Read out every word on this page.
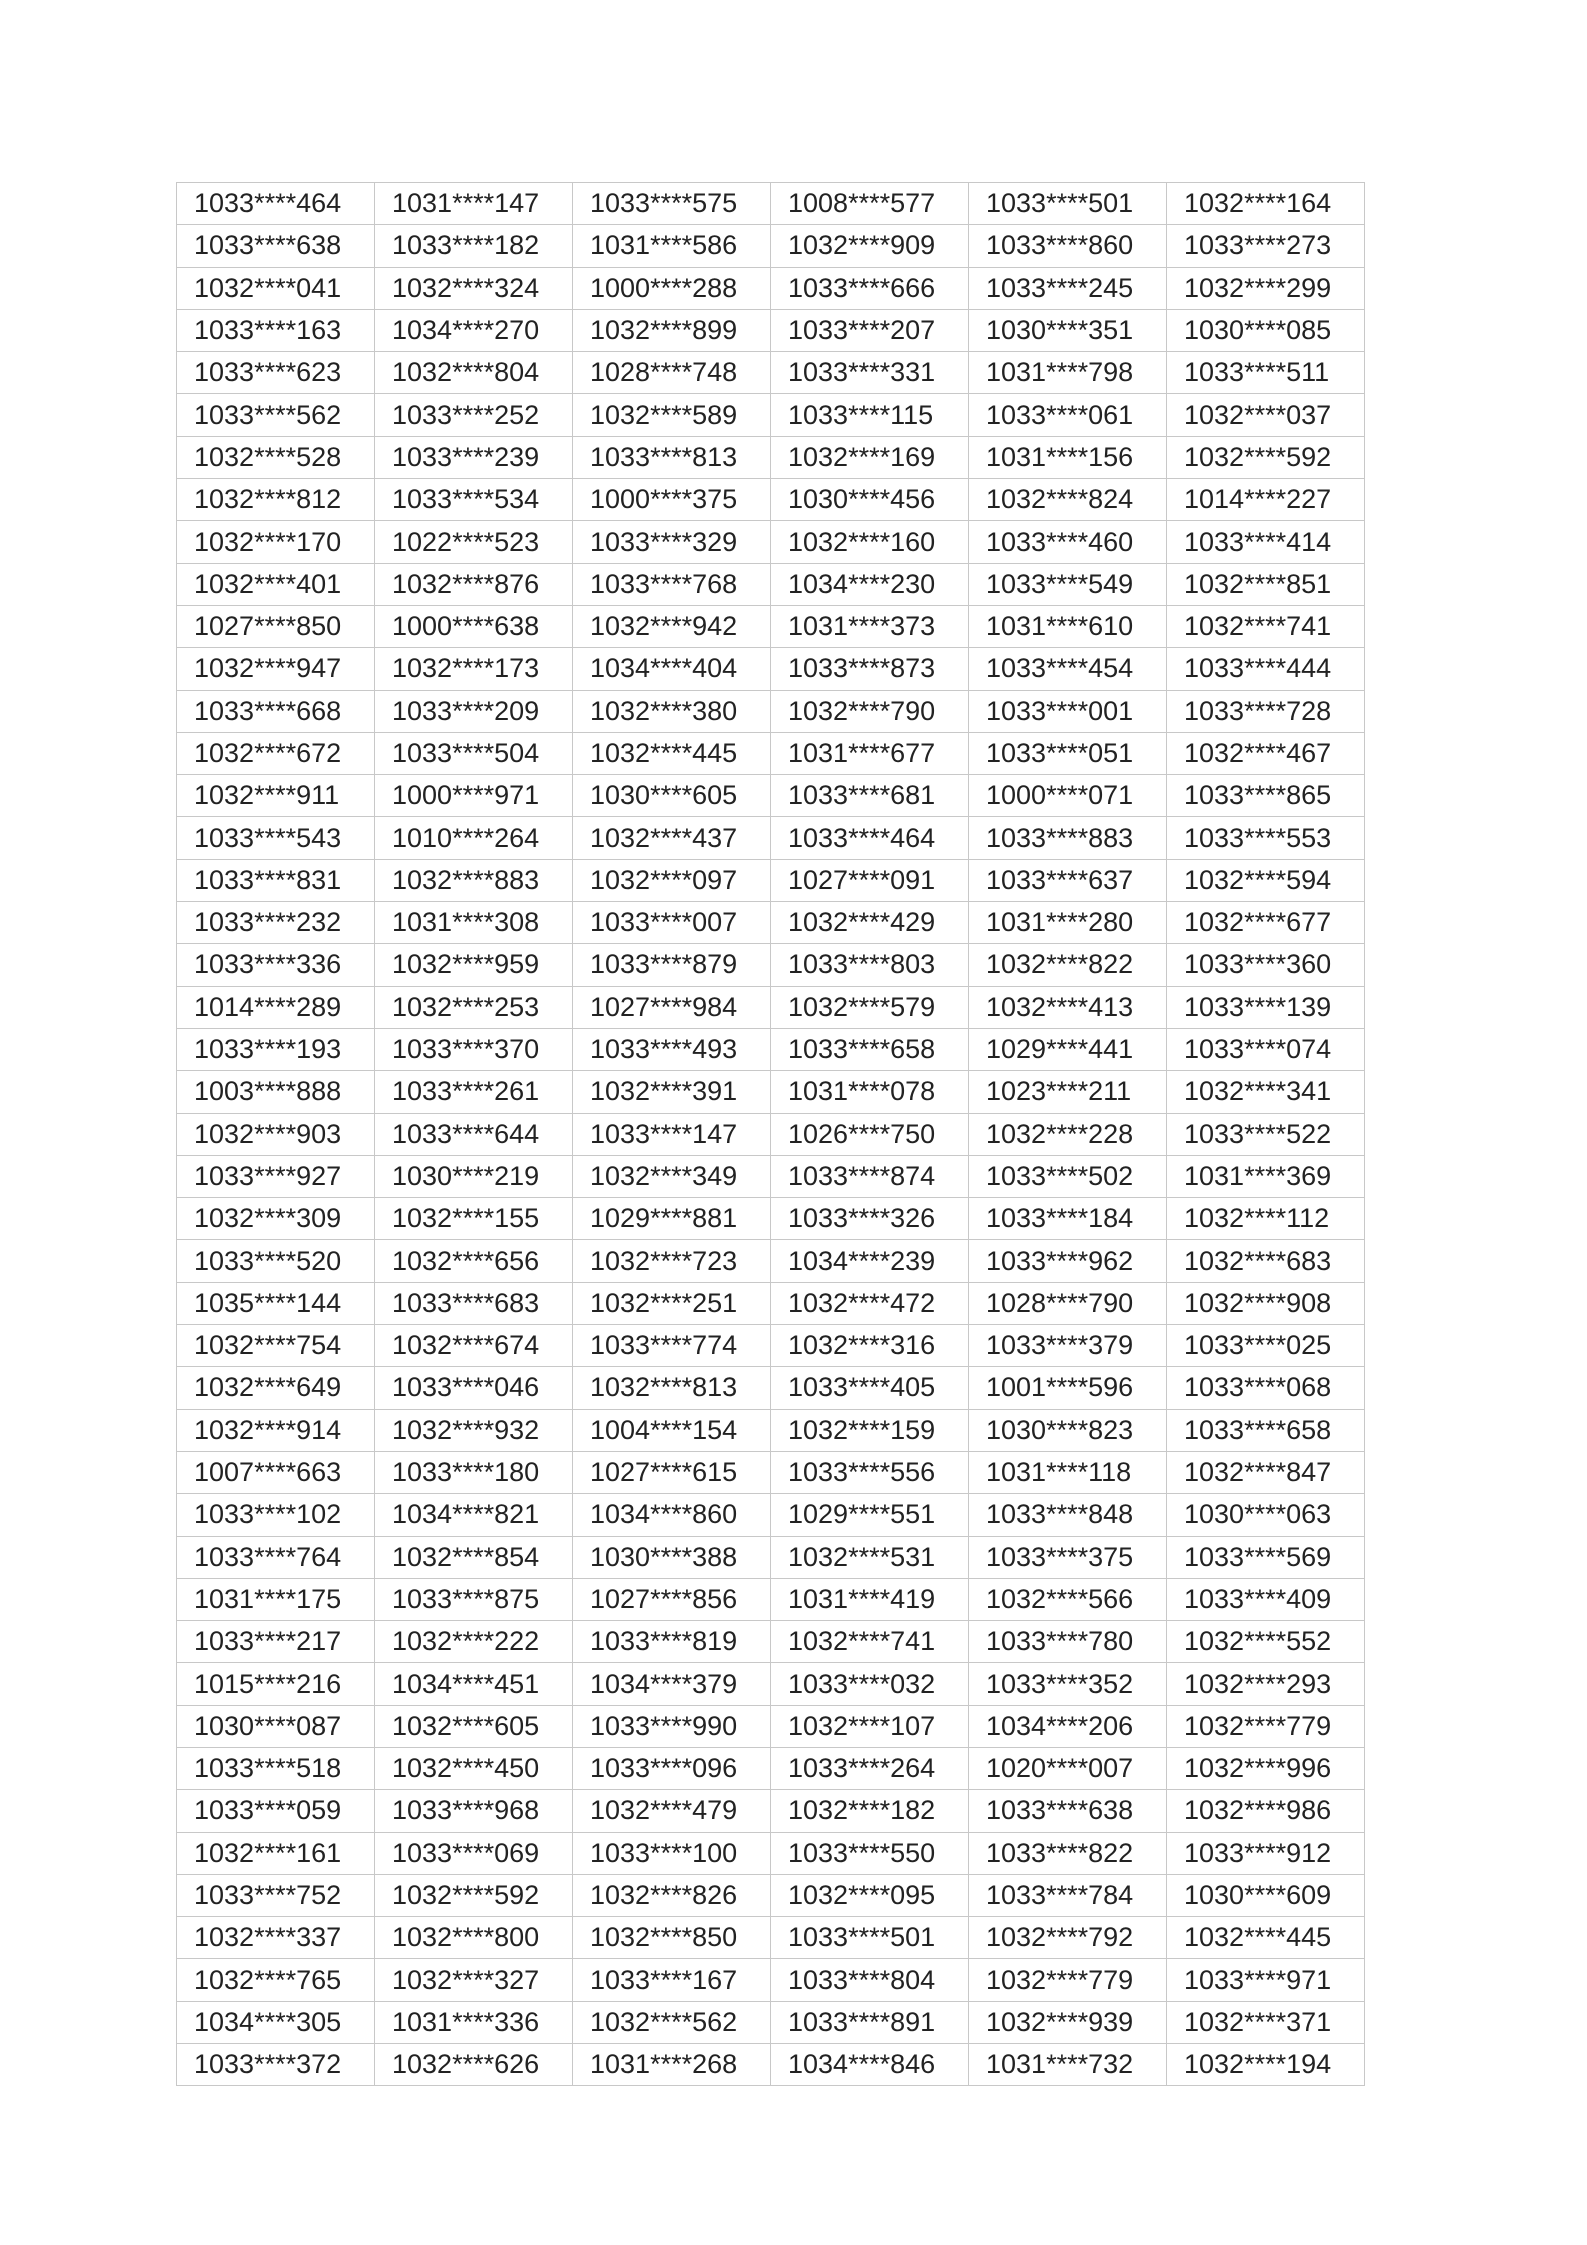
1033****464	1031****147	1033****575	1008****577	1033****501	1032****164
1033****638	1033****182	1031****586	1032****909	1033****860	1033****273
1032****041	1032****324	1000****288	1033****666	1033****245	1032****299
1033****163	1034****270	1032****899	1033****207	1030****351	1030****085
1033****623	1032****804	1028****748	1033****331	1031****798	1033****511
1033****562	1033****252	1032****589	1033****115	1033****061	1032****037
1032****528	1033****239	1033****813	1032****169	1031****156	1032****592
1032****812	1033****534	1000****375	1030****456	1032****824	1014****227
1032****170	1022****523	1033****329	1032****160	1033****460	1033****414
1032****401	1032****876	1033****768	1034****230	1033****549	1032****851
1027****850	1000****638	1032****942	1031****373	1031****610	1032****741
1032****947	1032****173	1034****404	1033****873	1033****454	1033****444
1033****668	1033****209	1032****380	1032****790	1033****001	1033****728
1032****672	1033****504	1032****445	1031****677	1033****051	1032****467
1032****911	1000****971	1030****605	1033****681	1000****071	1033****865
1033****543	1010****264	1032****437	1033****464	1033****883	1033****553
1033****831	1032****883	1032****097	1027****091	1033****637	1032****594
1033****232	1031****308	1033****007	1032****429	1031****280	1032****677
1033****336	1032****959	1033****879	1033****803	1032****822	1033****360
1014****289	1032****253	1027****984	1032****579	1032****413	1033****139
1033****193	1033****370	1033****493	1033****658	1029****441	1033****074
1003****888	1033****261	1032****391	1031****078	1023****211	1032****341
1032****903	1033****644	1033****147	1026****750	1032****228	1033****522
1033****927	1030****219	1032****349	1033****874	1033****502	1031****369
1032****309	1032****155	1029****881	1033****326	1033****184	1032****112
1033****520	1032****656	1032****723	1034****239	1033****962	1032****683
1035****144	1033****683	1032****251	1032****472	1028****790	1032****908
1032****754	1032****674	1033****774	1032****316	1033****379	1033****025
1032****649	1033****046	1032****813	1033****405	1001****596	1033****068
1032****914	1032****932	1004****154	1032****159	1030****823	1033****658
1007****663	1033****180	1027****615	1033****556	1031****118	1032****847
1033****102	1034****821	1034****860	1029****551	1033****848	1030****063
1033****764	1032****854	1030****388	1032****531	1033****375	1033****569
1031****175	1033****875	1027****856	1031****419	1032****566	1033****409
1033****217	1032****222	1033****819	1032****741	1033****780	1032****552
1015****216	1034****451	1034****379	1033****032	1033****352	1032****293
1030****087	1032****605	1033****990	1032****107	1034****206	1032****779
1033****518	1032****450	1033****096	1033****264	1020****007	1032****996
1033****059	1033****968	1032****479	1032****182	1033****638	1032****986
1032****161	1033****069	1033****100	1033****550	1033****822	1033****912
1033****752	1032****592	1032****826	1032****095	1033****784	1030****609
1032****337	1032****800	1032****850	1033****501	1032****792	1032****445
1032****765	1032****327	1033****167	1033****804	1032****779	1033****971
1034****305	1031****336	1032****562	1033****891	1032****939	1032****371
1033****372	1032****626	1031****268	1034****846	1031****732	1032****194
